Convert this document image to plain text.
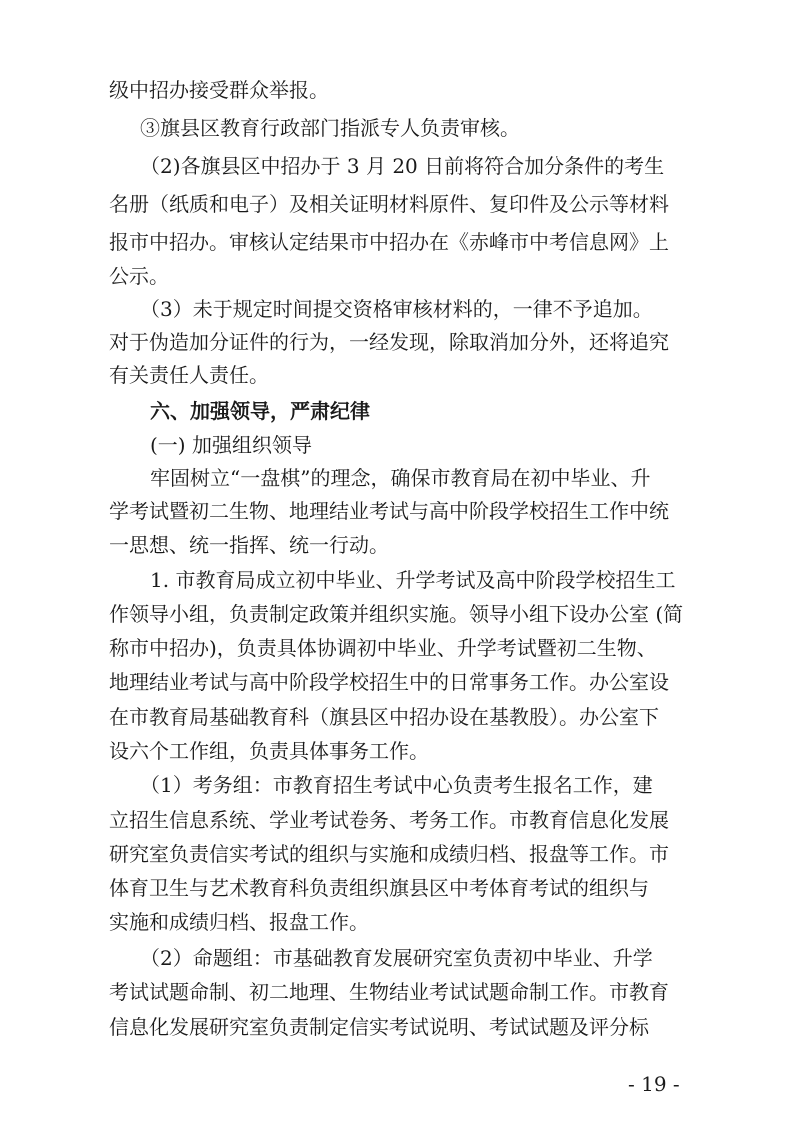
级中招办接受群众举报。
③旗县区教育行政部门指派专人负责审核。
（2)各旗县区中招办于 3 月 20 日前将符合加分条件的考生
名册（纸质和电子）及相关证明材料原件、复印件及公示等材料
报市中招办。审核认定结果市中招办在《赤峰市中考信息网》上
公示。
（3）未于规定时间提交资格审核材料的，一律不予追加。
对于伪造加分证件的行为，一经发现，除取消加分外，还将追究
有关责任人责任。
六、加强领导，严肃纪律
(一) 加强组织领导
牢固树立“一盘棋”的理念，确保市教育局在初中毕业、升
学考试暨初二生物、地理结业考试与高中阶段学校招生工作中统
一思想、统一指挥、统一行动。
1. 市教育局成立初中毕业、升学考试及高中阶段学校招生工
作领导小组，负责制定政策并组织实施。领导小组下设办公室 (简
称市中招办)，负责具体协调初中毕业、升学考试暨初二生物、
地理结业考试与高中阶段学校招生中的日常事务工作。办公室设
在市教育局基础教育科（旗县区中招办设在基教股）。办公室下
设六个工作组，负责具体事务工作。
（1）考务组：市教育招生考试中心负责考生报名工作，建
立招生信息系统、学业考试卷务、考务工作。市教育信息化发展
研究室负责信实考试的组织与实施和成绩归档、报盘等工作。市
体育卫生与艺术教育科负责组织旗县区中考体育考试的组织与
实施和成绩归档、报盘工作。
（2）命题组：市基础教育发展研究室负责初中毕业、升学
考试试题命制、初二地理、生物结业考试试题命制工作。市教育
信息化发展研究室负责制定信实考试说明、考试试题及评分标
- 19 -
